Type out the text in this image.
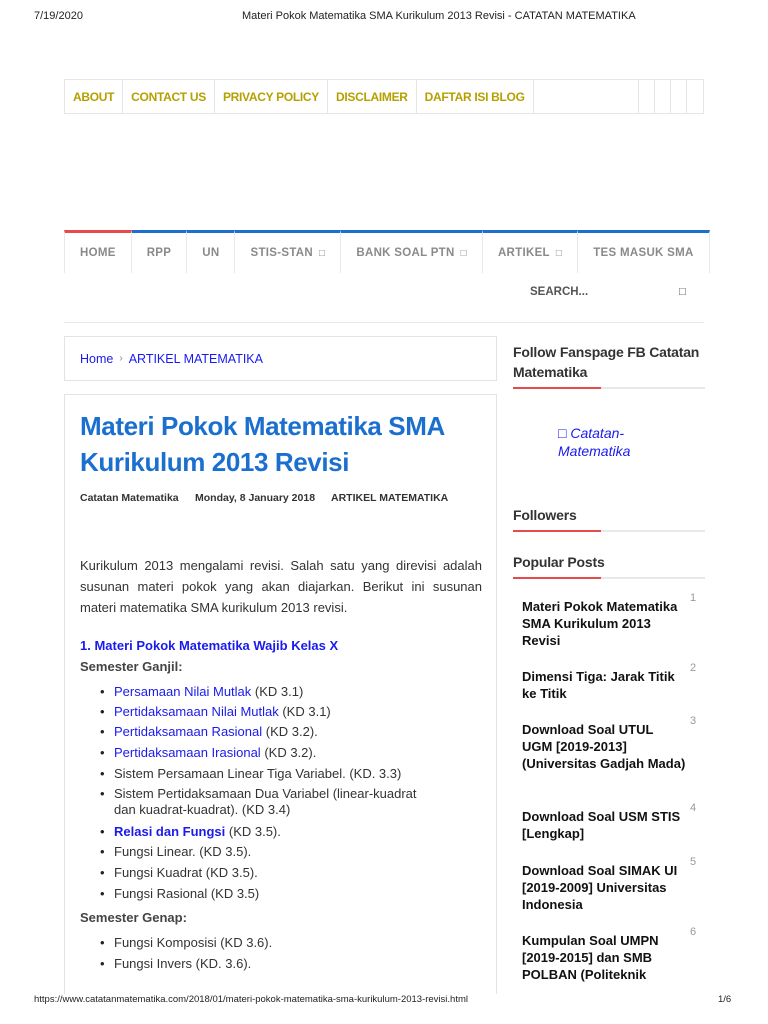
7/19/2020	Materi Pokok Matematika SMA Kurikulum 2013 Revisi - CATATAN MATEMATIKA
ABOUT	CONTACT US	PRIVACY POLICY	DISCLAIMER	DAFTAR ISI BLOG
HOME	RPP	UN	STIS-STAN □	BANK SOAL PTN □	ARTIKEL □	TES MASUK SMA
SEARCH...	□
Home › ARTIKEL MATEMATIKA
Materi Pokok Matematika SMA Kurikulum 2013 Revisi
Catatan Matematika Monday, 8 January 2018 ARTIKEL MATEMATIKA
Kurikulum 2013 mengalami revisi. Salah satu yang direvisi adalah susunan materi pokok yang akan diajarkan. Berikut ini susunan materi matematika SMA kurikulum 2013 revisi.
1. Materi Pokok Matematika Wajib Kelas X
Semester Ganjil:
• Persamaan Nilai Mutlak (KD 3.1)
• Pertidaksamaan Nilai Mutlak (KD 3.1)
• Pertidaksamaan Rasional (KD 3.2).
• Pertidaksamaan Irasional (KD 3.2).
• Sistem Persamaan Linear Tiga Variabel. (KD. 3.3)
• Sistem Pertidaksamaan Dua Variabel (linear-kuadrat dan kuadrat-kuadrat). (KD 3.4)
• Relasi dan Fungsi (KD 3.5).
• Fungsi Linear. (KD 3.5).
• Fungsi Kuadrat (KD 3.5).
• Fungsi Rasional (KD 3.5)
Semester Genap:
• Fungsi Komposisi (KD 3.6).
• Fungsi Invers (KD. 3.6).
Follow Fanspage FB Catatan Matematika
□ Catatan-Matematika
Followers
Popular Posts
Materi Pokok Matematika SMA Kurikulum 2013 Revisi
1
Dimensi Tiga: Jarak Titik ke Titik
2
Download Soal UTUL UGM [2019-2013] (Universitas Gadjah Mada)
3
Download Soal USM STIS [Lengkap]
4
Download Soal SIMAK UI [2019-2009] Universitas Indonesia
5
Kumpulan Soal UMPN [2019-2015] dan SMB POLBAN (Politeknik
6
https://www.catatanmatematika.com/2018/01/materi-pokok-matematika-sma-kurikulum-2013-revisi.html	1/6
